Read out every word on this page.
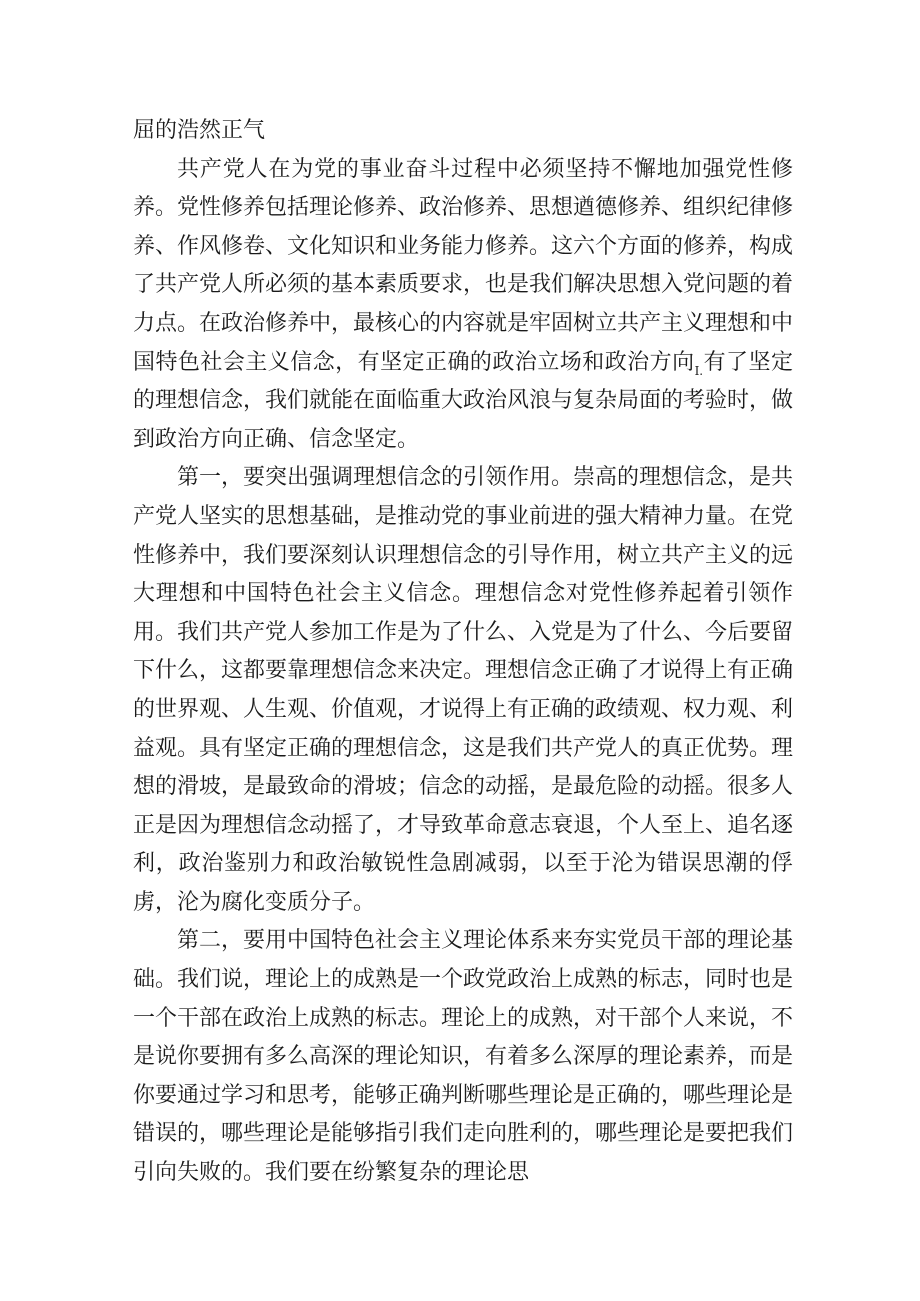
屈的浩然正气

共产党人在为党的事业奋斗过程中必须坚持不懈地加强党性修养。党性修养包括理论修养、政治修养、思想遒德修养、组织纪律修养、作风修卷、文化知识和业务能力修养。这六个方面的修养，构成了共产党人所必须的基本素质要求，也是我们解决思想入党问题的着力点。在政治修养中，最核心的内容就是牢固树立共产主义理想和中国特色社会主义信念，有坚定正确的政治立场和政治方向$_{I.}$有了坚定的理想信念，我们就能在面临重大政治风浪与复杂局面的考验时，做到政治方向正确、信念坚定。

第一，要突出强调理想信念的引领作用。崇高的理想信念，是共产党人坚实的思想基础，是推动党的事业前进的强大精神力量。在党性修养中，我们要深刻认识理想信念的引导作用，树立共产主义的远大理想和中国特色社会主义信念。理想信念对党性修养起着引领作用。我们共产党人参加工作是为了什么、入党是为了什么、今后要留下什么，这都要靠理想信念来决定。理想信念正确了才说得上有正确的世界观、人生观、价值观，才说得上有正确的政绩观、权力观、利益观。具有坚定正确的理想信念，这是我们共产党人的真正优势。理想的滑坡，是最致命的滑坡；信念的动摇，是最危险的动摇。很多人正是因为理想信念动摇了，才导致革命意志衰退，个人至上、追名逐利，政治鉴别力和政治敏锐性急剧减弱，以至于沦为错误思潮的俘虏，沦为腐化变质分子。

第二，要用中国特色社会主义理论体系来夯实党员干部的理论基础。我们说，理论上的成熟是一个政党政治上成熟的标志，同时也是一个干部在政治上成熟的标志。理论上的成熟，对干部个人来说，不是说你要拥有多么高深的理论知识，有着多么深厚的理论素养，而是你要通过学习和思考，能够正确判断哪些理论是正确的，哪些理论是错误的，哪些理论是能够指引我们走向胜利的，哪些理论是要把我们引向失败的。我们要在纷繁复杂的理论思
